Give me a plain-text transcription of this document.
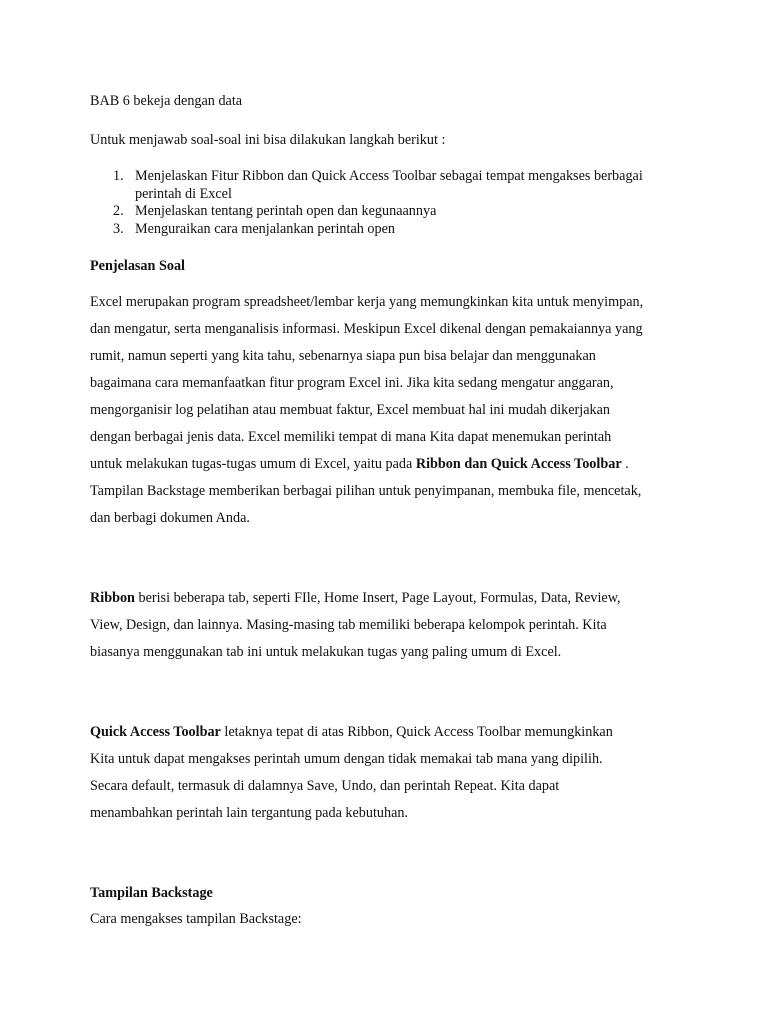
BAB 6 bekeja dengan data
Untuk menjawab soal-soal ini bisa dilakukan langkah berikut :
1. Menjelaskan Fitur Ribbon dan Quick Access Toolbar sebagai tempat mengakses berbagai
perintah di Excel
2. Menjelaskan tentang perintah open dan kegunaannya
3. Menguraikan cara menjalankan perintah open
Penjelasan Soal
Excel merupakan program spreadsheet/lembar kerja yang memungkinkan kita untuk menyimpan,
dan mengatur, serta menganalisis informasi. Meskipun Excel dikenal dengan pemakaiannya yang
rumit, namun seperti yang kita tahu, sebenarnya siapa pun bisa belajar dan menggunakan
bagaimana cara memanfaatkan fitur program Excel ini. Jika kita sedang mengatur anggaran,
mengorganisir log pelatihan atau membuat faktur, Excel membuat hal ini mudah dikerjakan
dengan berbagai jenis data. Excel memiliki tempat di mana Kita dapat menemukan perintah
untuk melakukan tugas-tugas umum di Excel, yaitu pada Ribbon dan Quick Access Toolbar .
Tampilan Backstage memberikan berbagai pilihan untuk penyimpanan, membuka file, mencetak,
dan berbagi dokumen Anda.
Ribbon berisi beberapa tab, seperti FIle, Home Insert, Page Layout, Formulas, Data, Review,
View, Design, dan lainnya. Masing-masing tab memiliki beberapa kelompok perintah. Kita
biasanya menggunakan tab ini untuk melakukan tugas yang paling umum di Excel.
Quick Access Toolbar letaknya tepat di atas Ribbon, Quick Access Toolbar memungkinkan
Kita untuk dapat mengakses perintah umum dengan tidak memakai tab mana yang dipilih.
Secara default, termasuk di dalamnya Save, Undo, dan perintah Repeat. Kita dapat
menambahkan perintah lain tergantung pada kebutuhan.
Tampilan Backstage
Cara mengakses tampilan Backstage:
